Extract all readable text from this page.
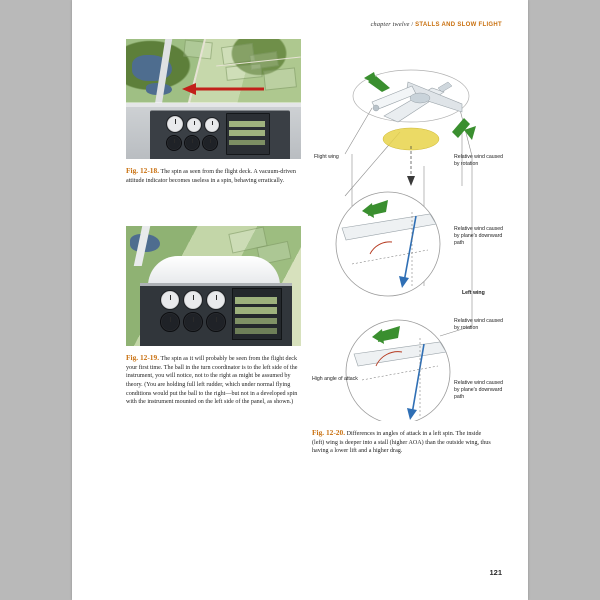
chapter twelve / STALLS AND SLOW FLIGHT
Fig. 12-18. The spin as seen from the flight deck. A vacuum-driven attitude indicator becomes useless in a spin, behaving erratically.
Fig. 12-19. The spin as it will probably be seen from the flight deck your first time. The ball in the turn coordinator is to the left side of the instrument, you will notice, not to the right as might be assumed by theory. (You are holding full left rudder, which under normal flying conditions would put the ball to the right—but not in a developed spin with the instrument mounted on the left side of the panel, as shown.)
Flight wing	Relative wind caused by rotation
Relative wind caused by plane's downward path
Left wing
Relative wind caused by rotation
High angle of attack
Relative wind caused by plane's downward path
Fig. 12-20. Differences in angles of attack in a left spin. The inside (left) wing is deeper into a stall (higher AOA) than the outside wing, thus having a lower lift and a higher drag.
121
